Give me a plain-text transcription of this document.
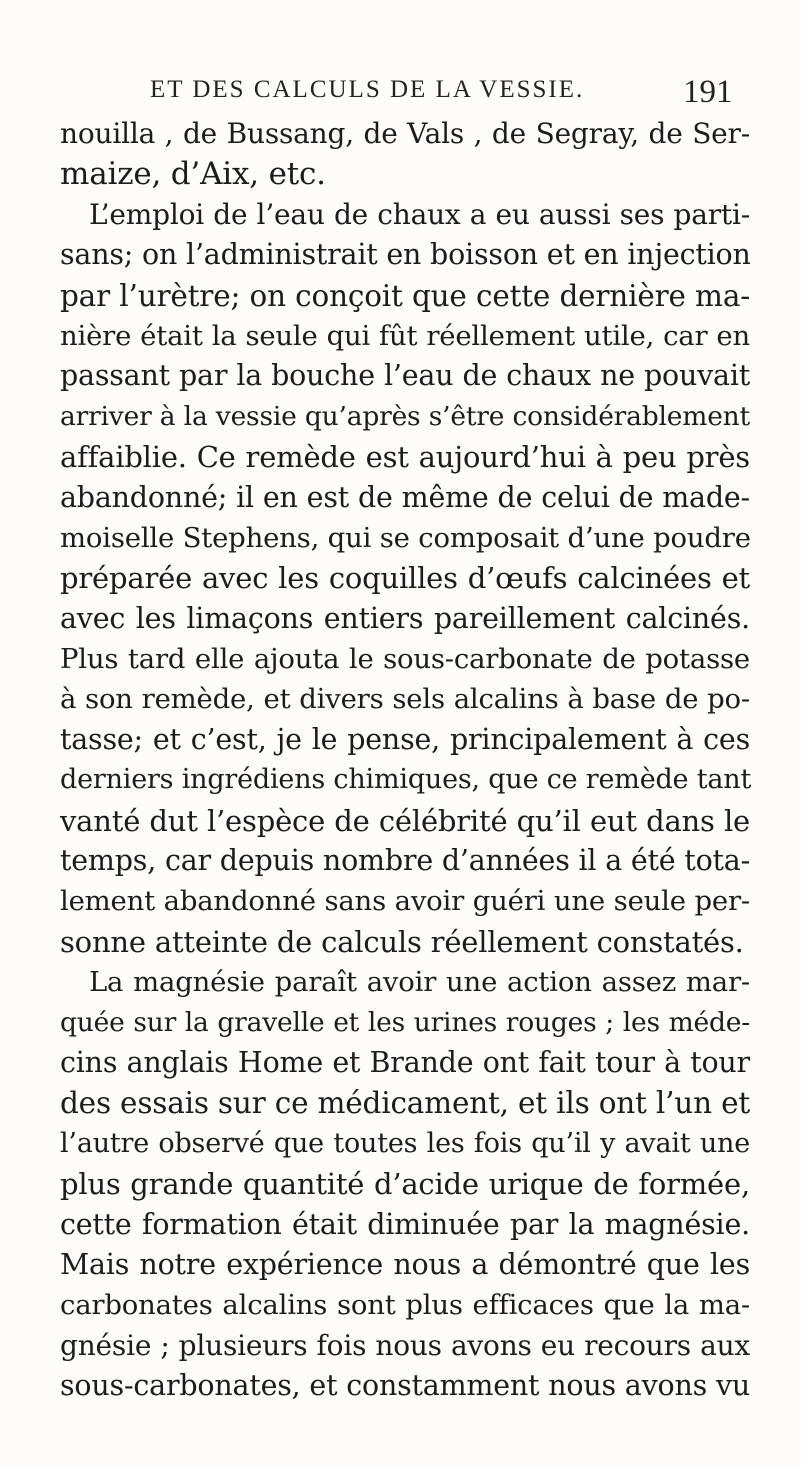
ET DES CALCULS DE LA VESSIE.	191
nouilla , de Bussang, de Vals , de Segray, de Ser-
maize, d’Aix, etc.
L’emploi de l’eau de chaux a eu aussi ses parti-
sans; on l’administrait en boisson et en injection
par l’urètre; on conçoit que cette dernière ma-
nière était la seule qui fût réellement utile, car en
passant par la bouche l’eau de chaux ne pouvait
arriver à la vessie qu’après s’être considérablement
affaiblie. Ce remède est aujourd’hui à peu près
abandonné; il en est de même de celui de made-
moiselle Stephens, qui se composait d’une poudre
préparée avec les coquilles d’œufs calcinées et
avec les limaçons entiers pareillement calcinés.
Plus tard elle ajouta le sous-carbonate de potasse
à son remède, et divers sels alcalins à base de po-
tasse; et c’est, je le pense, principalement à ces
derniers ingrédiens chimiques, que ce remède tant
vanté dut l’espèce de célébrité qu’il eut dans le
temps, car depuis nombre d’années il a été tota-
lement abandonné sans avoir guéri une seule per-
sonne atteinte de calculs réellement constatés.
La magnésie paraît avoir une action assez mar-
quée sur la gravelle et les urines rouges ; les méde-
cins anglais Home et Brande ont fait tour à tour
des essais sur ce médicament, et ils ont l’un et
l’autre observé que toutes les fois qu’il y avait une
plus grande quantité d’acide urique de formée,
cette formation était diminuée par la magnésie.
Mais notre expérience nous a démontré que les
carbonates alcalins sont plus efficaces que la ma-
gnésie ; plusieurs fois nous avons eu recours aux
sous-carbonates, et constamment nous avons vu
